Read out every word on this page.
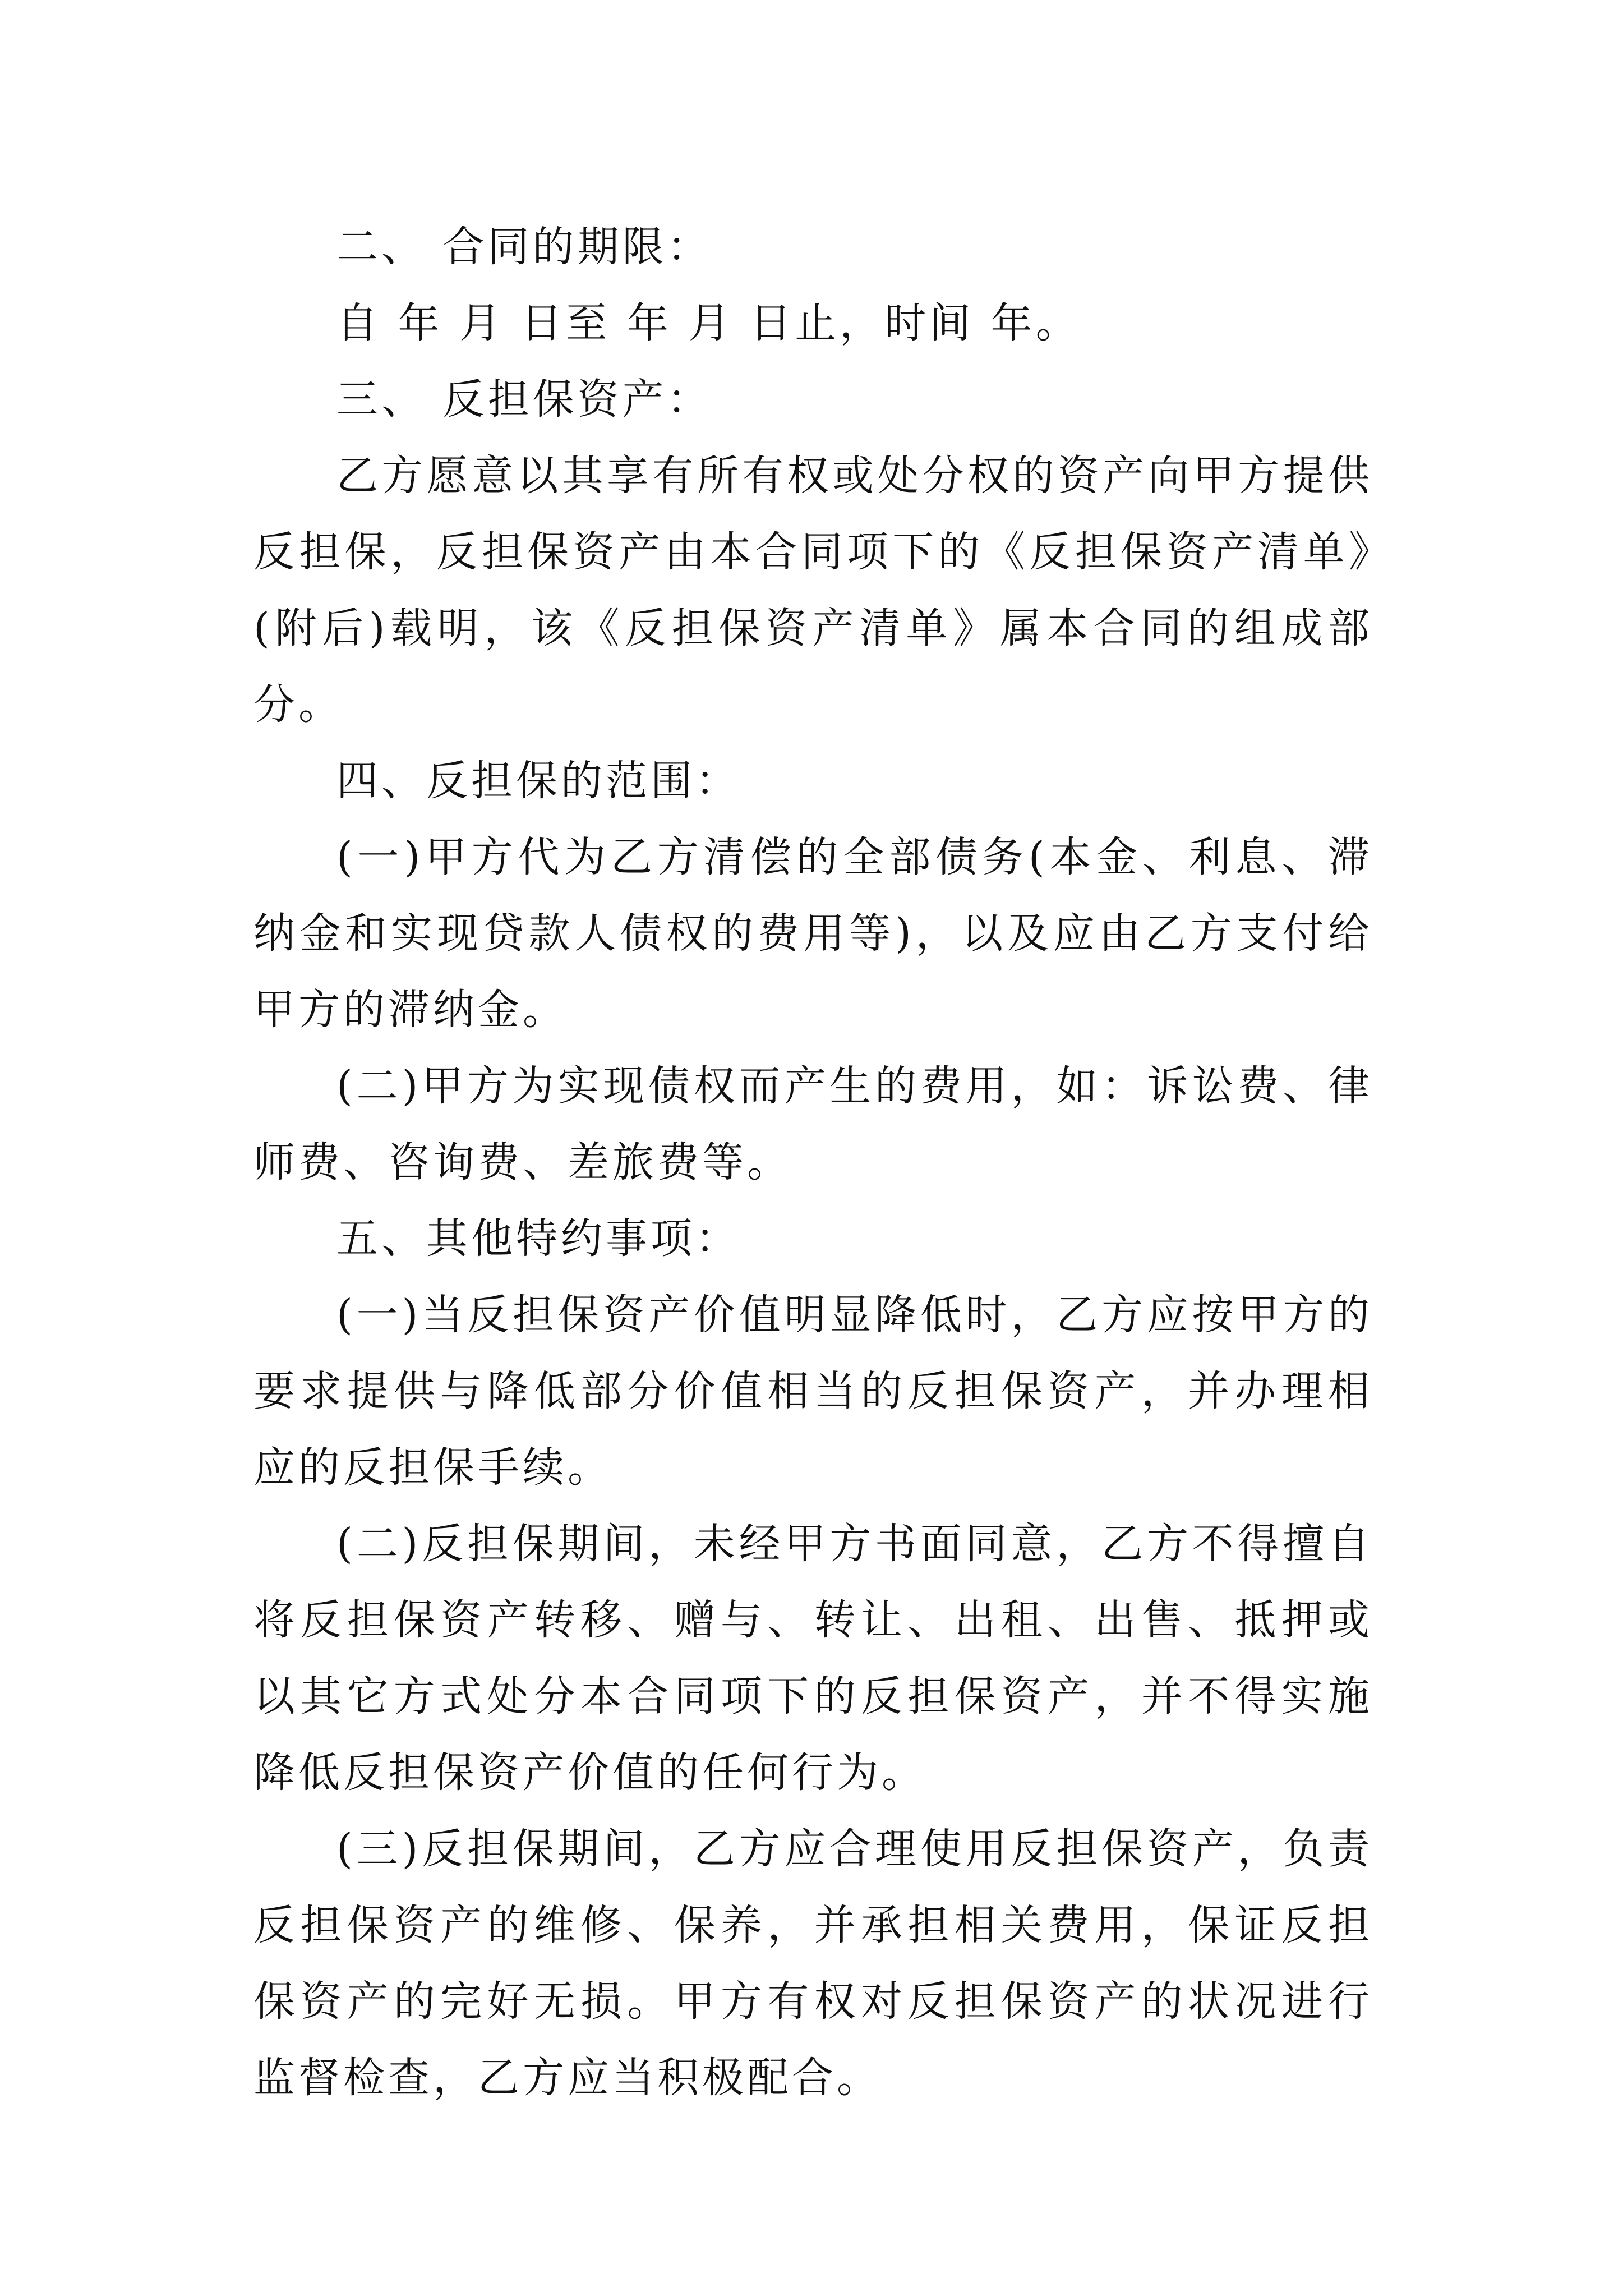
二、 合同的期限：

自 年 月 日至 年 月 日止，时间 年。

三、 反担保资产：

乙方愿意以其享有所有权或处分权的资产向甲方提供反担保，反担保资产由本合同项下的《反担保资产清单》(附后)载明，该《反担保资产清单》属本合同的组成部分。

四、反担保的范围：

(一)甲方代为乙方清偿的全部债务(本金、利息、滞纳金和实现贷款人债权的费用等)，以及应由乙方支付给甲方的滞纳金。

(二)甲方为实现债权而产生的费用，如：诉讼费、律师费、咨询费、差旅费等。

五、其他特约事项：

(一)当反担保资产价值明显降低时，乙方应按甲方的要求提供与降低部分价值相当的反担保资产，并办理相应的反担保手续。

(二)反担保期间，未经甲方书面同意，乙方不得擅自将反担保资产转移、赠与、转让、出租、出售、抵押或以其它方式处分本合同项下的反担保资产，并不得实施降低反担保资产价值的任何行为。

(三)反担保期间，乙方应合理使用反担保资产，负责反担保资产的维修、保养，并承担相关费用，保证反担保资产的完好无损。甲方有权对反担保资产的状况进行监督检查，乙方应当积极配合。
